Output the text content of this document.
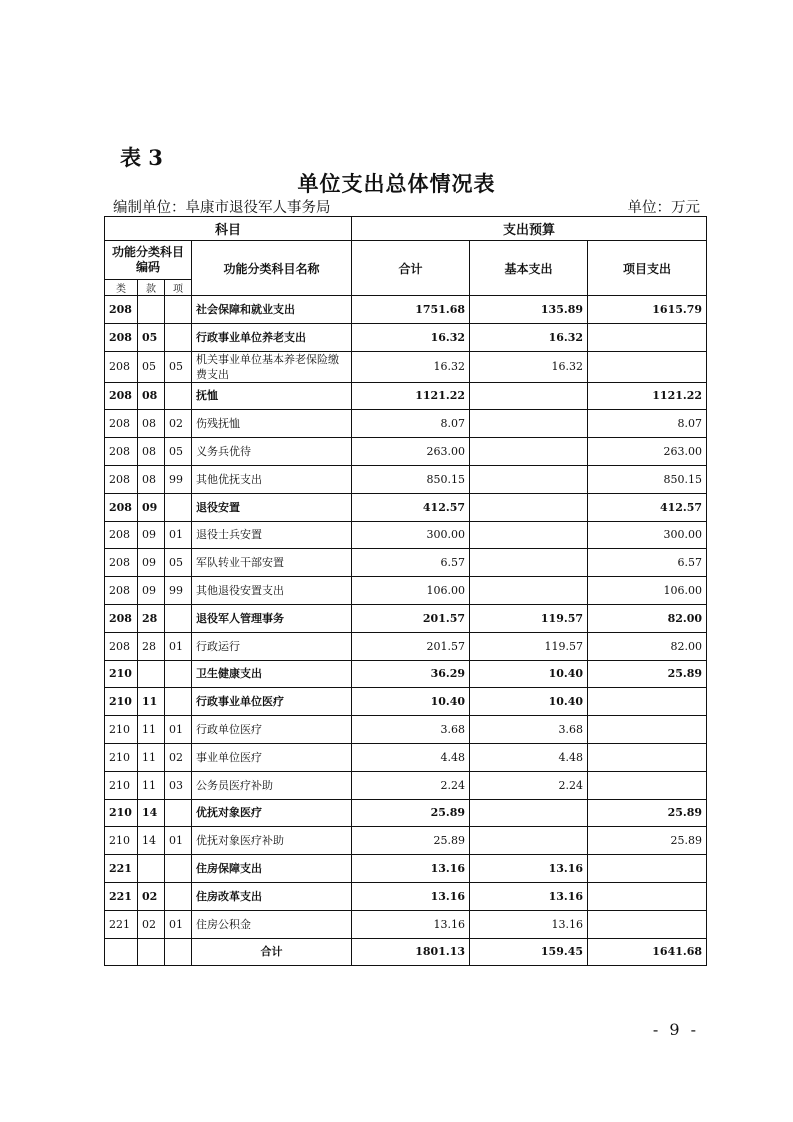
表 3
单位支出总体情况表
编制单位：阜康市退役军人事务局	单位：万元
科目				支出预算		
功能分类科目编码			功能分类科目名称	合计	基本支出	项目支出
类	款	项				
208			社会保障和就业支出	1751.68	135.89	1615.79
208	05		行政事业单位养老支出	16.32	16.32	
208	05	05	机关事业单位基本养老保险缴费支出	16.32	16.32	
208	08		抚恤	1121.22		1121.22
208	08	02	伤残抚恤	8.07		8.07
208	08	05	义务兵优待	263.00		263.00
208	08	99	其他优抚支出	850.15		850.15
208	09		退役安置	412.57		412.57
208	09	01	退役士兵安置	300.00		300.00
208	09	05	军队转业干部安置	6.57		6.57
208	09	99	其他退役安置支出	106.00		106.00
208	28		退役军人管理事务	201.57	119.57	82.00
208	28	01	行政运行	201.57	119.57	82.00
210			卫生健康支出	36.29	10.40	25.89
210	11		行政事业单位医疗	10.40	10.40	
210	11	01	行政单位医疗	3.68	3.68	
210	11	02	事业单位医疗	4.48	4.48	
210	11	03	公务员医疗补助	2.24	2.24	
210	14		优抚对象医疗	25.89		25.89
210	14	01	优抚对象医疗补助	25.89		25.89
221			住房保障支出	13.16	13.16	
221	02		住房改革支出	13.16	13.16	
221	02	01	住房公积金	13.16	13.16	
			合计	1801.13	159.45	1641.68
- 9 -
